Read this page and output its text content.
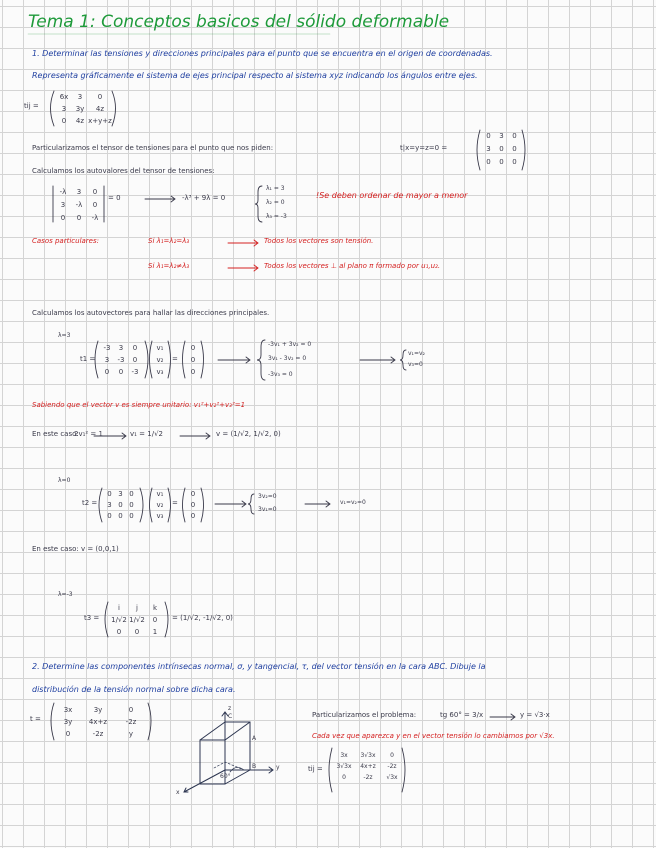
Tema 1: Conceptos basicos del sólido deformable
1. Determinar las tensiones y direcciones principales para el punto que se encuentra en el origen de coordenadas.
Representa gráficamente el sistema de ejes principal respecto al sistema xyz indicando los ángulos entre ejes.
tij =
6x	3	0
3	3y	4z
0	4z x+y+z
Particularizamos el tensor de tensiones para el punto que nos piden:	t|x=y=z=0 =
0	3	0
3	0	0
0	0	0
Calculamos los autovalores del tensor de tensiones:
-λ	3	0
3	-λ	0
0	0	-λ
= 0	-λ³ + 9λ = 0
λ₁ = 3
λ₂ = 0
λ₃ = -3
!Se deben ordenar de mayor a menor
Casos particulares:	Si λ₁=λ₂=λ₃	Todos los vectores son tensión.
Si λ₁=λ₂≠λ₃	Todos los vectores ⊥ al plano π formado por u₁,u₂.
Calculamos los autovectores para hallar las direcciones principales.
λ=3
t1 =
-3	3	0
3	-3	0
0	0	-3
v₁
v₂
v₃
=
0
0
0
-3v₁ + 3v₂ = 0
3v₁ - 3v₂ = 0
-3v₃ = 0
v₁=v₂
v₃=0
Sabiendo que el vector v es siempre unitario: v₁²+v₂²+v₃²=1
En este caso:
2v₁² = 1	v₁ = 1/√2	v = (1/√2, 1/√2, 0)
λ=0
t2 =
0 3 0
3 0 0
0 0 0
v₁
v₂
v₃
=
0
0
0
3v₂=0
3v₁=0
v₁=v₂=0
En este caso: v = (0,0,1)
λ=-3
t3 =
i	j	k
1/√2 1/√2	0
0	0	1
= (1/√2, -1/√2, 0)
2. Determine las componentes intrínsecas normal, σ, y tangencial, τ, del vector tensión en la cara ABC. Dibuje la
distribución de la tensión normal sobre dicha cara.
t =
3x	3y	0
3y	4x+z	-2z
0	-2z	y
z
y
x
A
B
C
60°
Particularizamos el problema:	tg 60° = 3/x	y = √3·x
Cada vez que aparezca y en el vector tensión lo cambiamos por √3x.
tij =
3x	3√3x	0
3√3x	4x+z	-2z
0	-2z	√3x
